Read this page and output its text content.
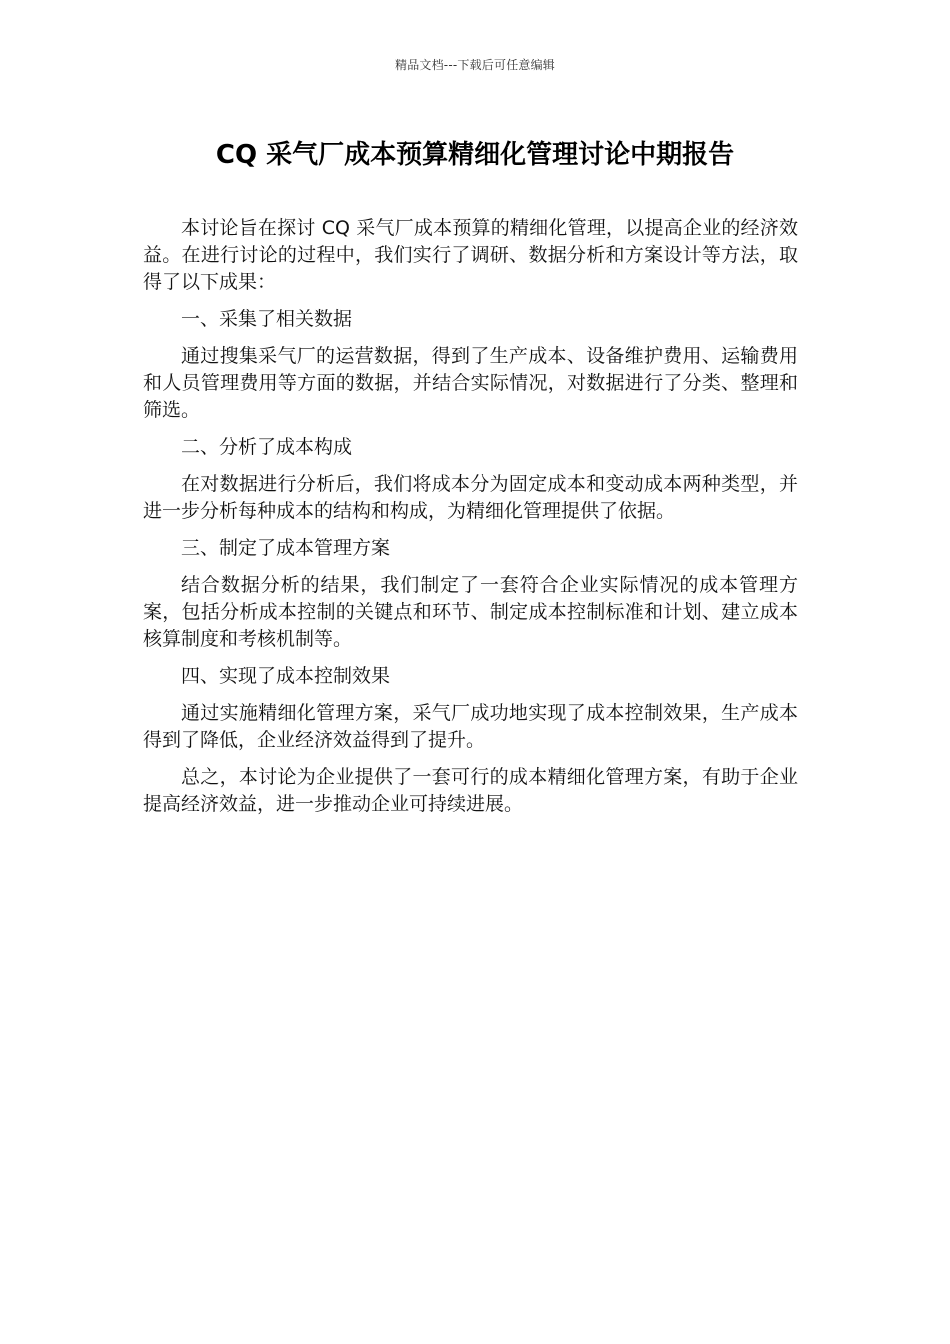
精品文档---下载后可任意编辑
CQ 采气厂成本预算精细化管理讨论中期报告

本讨论旨在探讨 CQ 采气厂成本预算的精细化管理，以提高企业的经济效益。在进行讨论的过程中，我们实行了调研、数据分析和方案设计等方法，取得了以下成果：

一、采集了相关数据

通过搜集采气厂的运营数据，得到了生产成本、设备维护费用、运输费用和人员管理费用等方面的数据，并结合实际情况，对数据进行了分类、整理和筛选。

二、分析了成本构成

在对数据进行分析后，我们将成本分为固定成本和变动成本两种类型，并进一步分析每种成本的结构和构成，为精细化管理提供了依据。

三、制定了成本管理方案

结合数据分析的结果，我们制定了一套符合企业实际情况的成本管理方案，包括分析成本控制的关键点和环节、制定成本控制标准和计划、建立成本核算制度和考核机制等。

四、实现了成本控制效果

通过实施精细化管理方案，采气厂成功地实现了成本控制效果，生产成本得到了降低，企业经济效益得到了提升。

总之，本讨论为企业提供了一套可行的成本精细化管理方案，有助于企业提高经济效益，进一步推动企业可持续进展。
